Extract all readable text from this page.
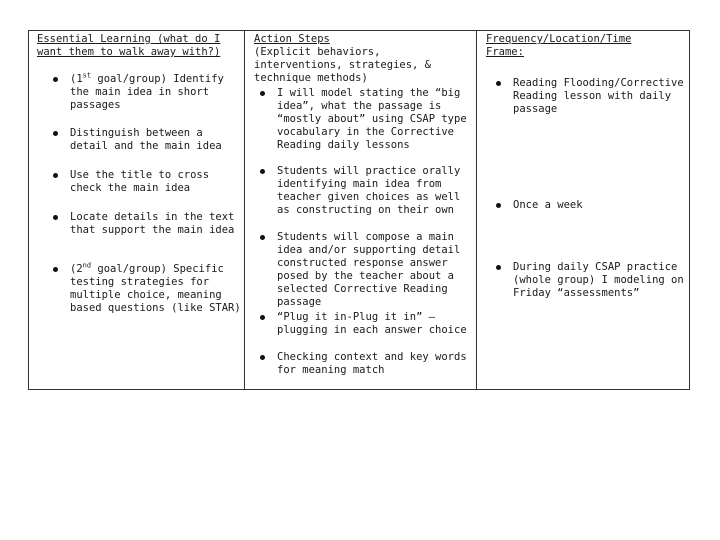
Essential Learning (what do I
want them to walk away with?)

(1st goal/group) Identify the main idea in short passages
Distinguish between a detail and the main idea
Use the title to cross check the main idea
Locate details in the text that support the main idea
(2nd goal/group) Specific testing strategies for multiple choice, meaning based questions (like STAR)

Action Steps
(Explicit behaviors, interventions, strategies, & technique methods)

I will model stating the “big idea”, what the passage is “mostly about” using CSAP type vocabulary in the Corrective Reading daily lessons
Students will practice orally identifying main idea from teacher given choices as well as constructing on their own
Students will compose a main idea and/or supporting detail constructed response answer posed by the teacher about a selected Corrective Reading passage
“Plug it in-Plug it in” – plugging in each answer choice
Checking context and key words for meaning match

Frequency/Location/Time
Frame:

Reading Flooding/Corrective Reading lesson with daily passage
Once a week
During daily CSAP practice (whole group) I modeling on Friday “assessments”
